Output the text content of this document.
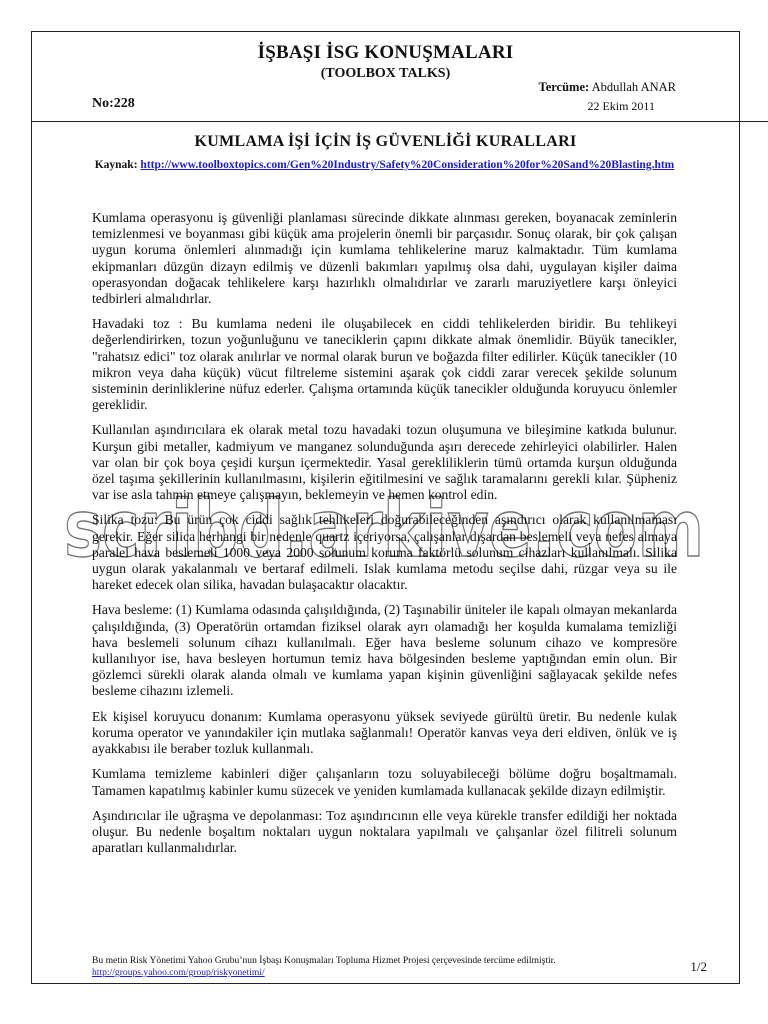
İŞBAŞI İSG KONUŞMALARI
(TOOLBOX TALKS)
Tercüme: Abdullah ANAR
No:228	22 Ekim 2011
KUMLAMA İŞİ İÇİN İŞ GÜVENLİĞİ KURALLARI
Kaynak: http://www.toolboxtopics.com/Gen%20Industry/Safety%20Consideration%20for%20Sand%20Blasting.htm

Kumlama operasyonu iş güvenliği planlaması sürecinde dikkate alınması gereken, boyanacak zeminlerin temizlenmesi ve boyanması gibi küçük ama projelerin önemli bir parçasıdır. Sonuç olarak, bir çok çalışan uygun koruma önlemleri alınmadığı için kumlama tehlikelerine maruz kalmaktadır. Tüm kumlama ekipmanları düzgün dizayn edilmiş ve düzenli bakımları yapılmış olsa dahi, uygulayan kişiler daima operasyondan doğacak tehlikelere karşı hazırlıklı olmalıdırlar ve zararlı maruziyetlere karşı önleyici tedbirleri almalıdırlar.

Havadaki toz : Bu kumlama nedeni ile oluşabilecek en ciddi tehlikelerden biridir. Bu tehlikeyi değerlendirirken, tozun yoğunluğunu ve taneciklerin çapını dikkate almak önemlidir. Büyük tanecikler, "rahatsız edici" toz olarak anılırlar ve normal olarak burun ve boğazda filter edilirler. Küçük tanecikler (10 mikron veya daha küçük) vücut filtreleme sistemini aşarak çok ciddi zarar verecek şekilde solunum sisteminin derinliklerine nüfuz ederler. Çalışma ortamında küçük tanecikler olduğunda koruyucu önlemler gereklidir.

Kullanılan aşındırıcılara ek olarak metal tozu havadaki tozun oluşumuna ve bileşimine katkıda bulunur. Kurşun gibi metaller, kadmiyum ve manganez solunduğunda aşırı derecede zehirleyici olabilirler. Halen var olan bir çok boya çeşidi kurşun içermektedir. Yasal gerekliliklerin tümü ortamda kurşun olduğunda özel taşıma şekillerinin kullanılmasını, kişilerin eğitilmesini ve sağlık taramalarını gerekli kılar. Şüpheniz var ise asla tahmin etmeye çalışmayın, beklemeyin ve hemen kontrol edin.

Silika tozu: Bu ürün çok ciddi sağlık tehlikeleri doğurabileceğinden aşındırıcı olarak kullanılmaması gerekir. Eğer silica herhangi bir nedenle quartz içeriyorsa, çalışanlar dışardan beslemeli veya nefes almaya paralel hava beslemeli 1000 veya 2000 solunum koruma faktörlü solunum cihazları kullanılmalı. Silika uygun olarak yakalanmalı ve bertaraf edilmeli. Islak kumlama metodu seçilse dahi, rüzgar veya su ile hareket edecek olan silika, havadan bulaşacaktır olacaktır.

Hava besleme: (1) Kumlama odasında çalışıldığında, (2) Taşınabilir üniteler ile kapalı olmayan mekanlarda çalışıldığında, (3) Operatörün ortamdan fiziksel olarak ayrı olamadığı her koşulda kumalama temizliği hava beslemeli solunum cihazı kullanılmalı. Eğer hava besleme solunum cihazo ve kompresöre kullanılıyor ise, hava besleyen hortumun temiz hava bölgesinden besleme yaptığından emin olun. Bir gözlemci sürekli olarak alanda olmalı ve kumlama yapan kişinin güvenliğini sağlayacak şekilde nefes besleme cihazını izlemeli.

Ek kişisel koruyucu donanım: Kumlama operasyonu yüksek seviyede gürültü üretir. Bu nedenle kulak koruma operator ve yanındakiler için mutlaka sağlanmalı! Operatör kanvas veya deri eldiven, önlük ve iş ayakkabısı ile beraber tozluk kullanmalı.

Kumlama temizleme kabinleri diğer çalışanların tozu soluyabileceği bölüme doğru boşaltmamalı. Tamamen kapatılmış kabinler kumu süzecek ve yeniden kumlamada kullanacak şekilde dizayn edilmiştir.

Aşındırıcılar ile uğraşma ve depolanması: Toz aşındırıcının elle veya kürekle transfer edildiği her noktada oluşur. Bu nedenle boşaltım noktaları uygun noktalara yapılmalı ve çalışanlar özel filitreli solunum aparatları kullanmalıdırlar.

scribd.arkive.com
Bu metin Risk Yönetimi Yahoo Grubu’nun İşbaşı Konuşmaları Topluma Hizmet Projesi çerçevesinde tercüme edilmiştir.
http://groups.yahoo.com/group/riskyonetimi/	1/2
